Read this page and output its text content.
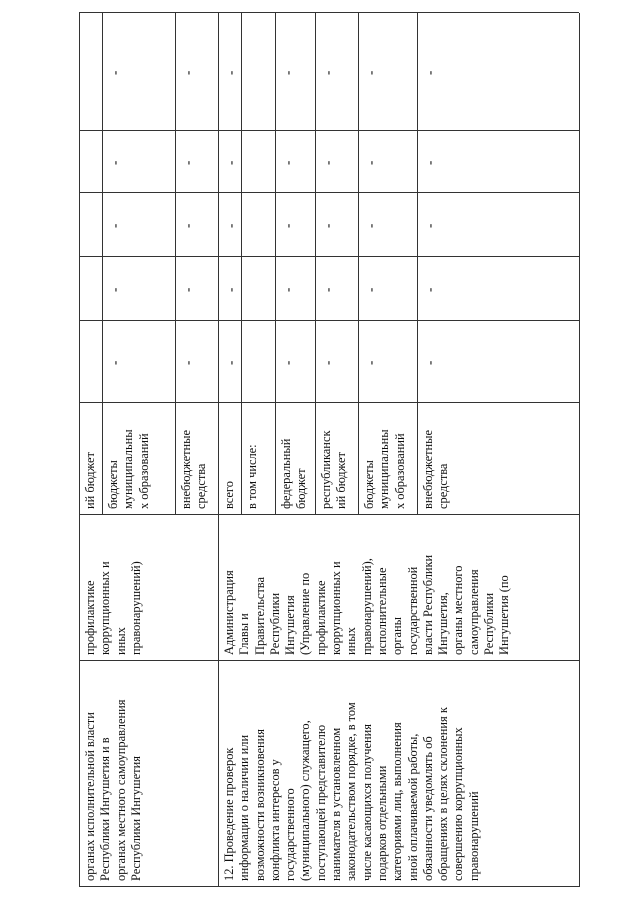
органах исполнительной власти
Республики Ингушетия и в
органах местного самоуправления
Республики Ингушетия
профилактике
коррупционных и
иных
правонарушений)
ий бюджет бюджеты
муниципальны
х образований
-
-
-
-
-
внебюджетные
средства
-
-
-
-
-
12. Проведение проверок
информации о наличии или
возможности возникновения
конфликта интересов у
государственного
(муниципального) служащего,
поступающей представителю
нанимателя в установленном
законодательством порядке, в том
числе касающихся получения
подарков отдельными
категориями лиц, выполнения
иной оплачиваемой работы,
обязанности уведомлять об
обращениях в целях склонения к
совершению коррупционных
правонарушений
Администрация
Главы и
Правительства
Республики
Ингушетия
(Управление по
профилактике
коррупционных и
иных
правонарушений),
исполнительные
органы
государственной
власти Республики
Ингушетия,
органы местного
самоуправления
Республики
Ингушетия (по
всего
-
-
-
-
-
в том числе: федеральный
бюджет
-
-
-
-
-
республиканск
ий бюджет
-
-
-
-
-
бюджеты
муниципальны
х образований
-
-
-
-
-
внебюджетные
средства
-
-
-
-
-
